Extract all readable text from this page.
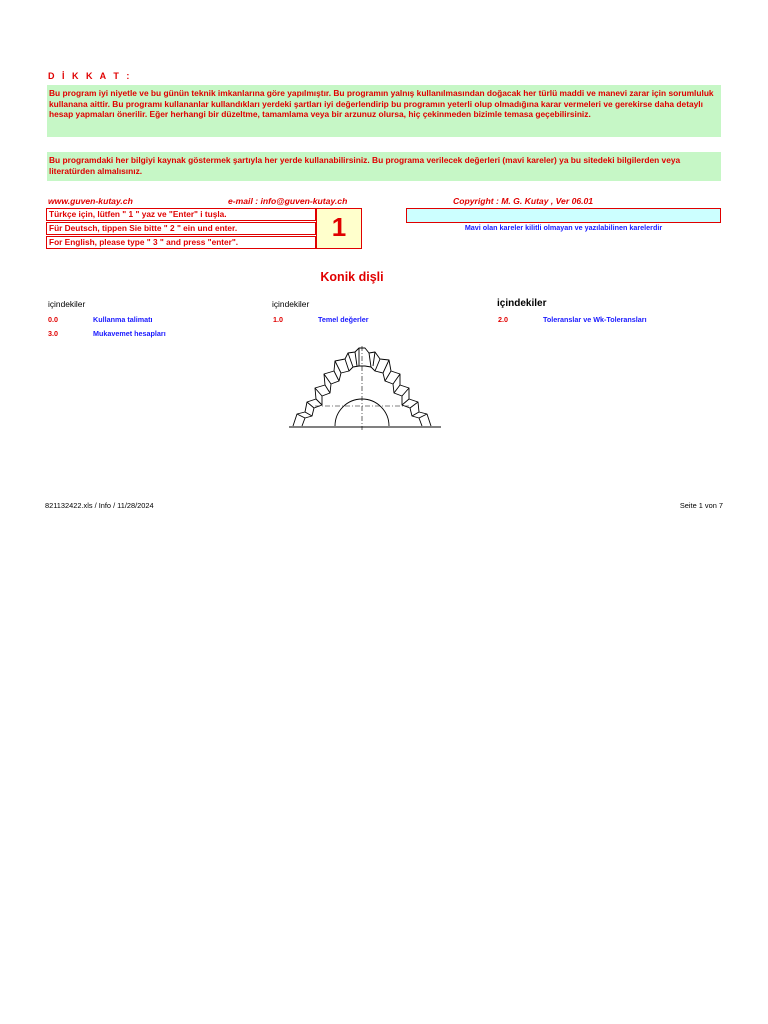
D İ K K A T :
Bu program iyi niyetle ve bu günün teknik imkanlarına göre yapılmıştır. Bu programın yalnış kullanılmasından doğacak her türlü maddi ve manevi zarar için sorumluluk kullanana aittir. Bu programı kullananlar kullandıkları yerdeki şartları iyi değerlendirip bu programın yeterli olup olmadığına karar vermeleri ve gerekirse daha detaylı hesap yapmaları önerilir. Eğer herhangi bir düzeltme, tamamlama veya bir arzunuz olursa, hiç çekinmeden bizimle temasa geçebilirsiniz.
Bu programdaki her bilgiyi kaynak göstermek şartıyla her yerde kullanabilirsiniz. Bu programa verilecek değerleri (mavi kareler) ya bu sitedeki bilgilerden veya literatürden almalısınız.
www.guven-kutay.ch	e-mail : info@guven-kutay.ch	Copyright : M. G. Kutay , Ver 06.01
Türkçe için, lütfen " 1 " yaz ve "Enter" i tuşla.
Für Deutsch, tippen Sie bitte " 2 " ein und enter.
For English, please type " 3 " and press "enter".	1	Mavi olan kareler kilitli olmayan ve yazılabilinen karelerdir
Konik dişli
içindekiler	içindekiler	içindekiler
0.0	Kullanma talimatı	1.0	Temel değerler	2.0	Toleranslar ve Wk-Toleransları
3.0	Mukavemet hesapları
821132422.xls / Info / 11/28/2024	Seite 1 von 7
